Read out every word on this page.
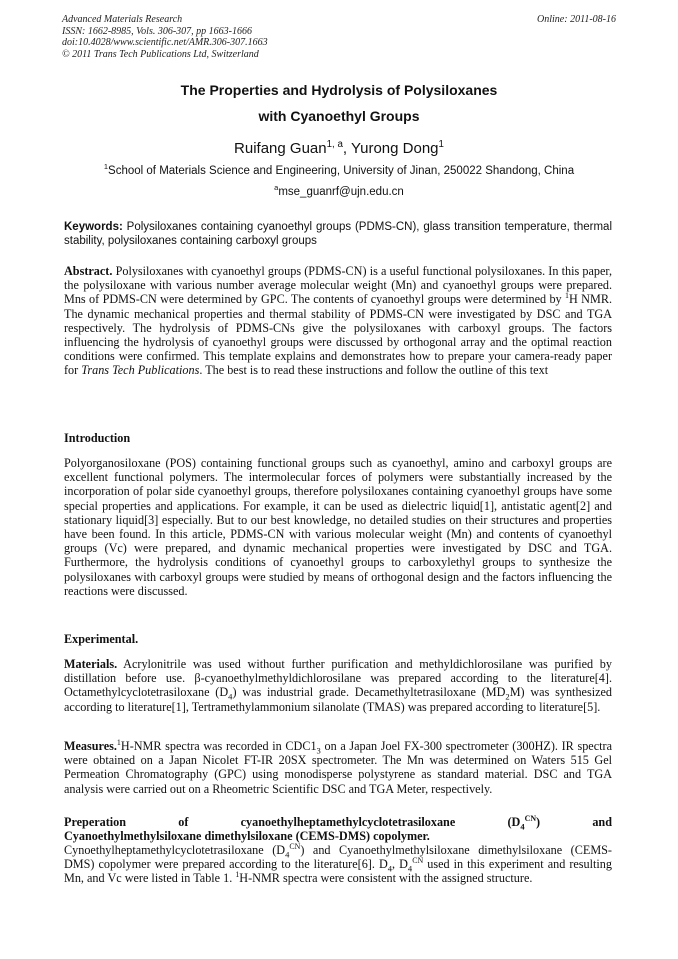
Advanced Materials Research
ISSN: 1662-8985, Vols. 306-307, pp 1663-1666
doi:10.4028/www.scientific.net/AMR.306-307.1663
© 2011 Trans Tech Publications Ltd, Switzerland
Online: 2011-08-16
The Properties and Hydrolysis of Polysiloxanes
with Cyanoethyl Groups
Ruifang Guan$^{1, a}$, Yurong Dong$^1$
$^1$School of Materials Science and Engineering, University of Jinan, 250022 Shandong, China
$^a$mse_guanrf@ujn.edu.cn
Keywords: Polysiloxanes containing cyanoethyl groups (PDMS-CN), glass transition temperature, thermal stability, polysiloxanes containing carboxyl groups
Abstract. Polysiloxanes with cyanoethyl groups (PDMS-CN) is a useful functional polysiloxanes. In this paper, the polysiloxane with various number average molecular weight (Mn) and cyanoethyl groups were prepared. Mns of PDMS-CN were determined by GPC. The contents of cyanoethyl groups were determined by $^1$H NMR. The dynamic mechanical properties and thermal stability of PDMS-CN were investigated by DSC and TGA respectively. The hydrolysis of PDMS-CNs give the polysiloxanes with carboxyl groups. The factors influencing the hydrolysis of cyanoethyl groups were discussed by orthogonal array and the optimal reaction conditions were confirmed. This template explains and demonstrates how to prepare your camera-ready paper for Trans Tech Publications. The best is to read these instructions and follow the outline of this text
Introduction
Polyorganosiloxane (POS) containing functional groups such as cyanoethyl, amino and carboxyl groups are excellent functional polymers. The intermolecular forces of polymers were substantially increased by the incorporation of polar side cyanoethyl groups, therefore polysiloxanes containing cyanoethyl groups have some special properties and applications. For example, it can be used as dielectric liquid[1], antistatic agent[2] and stationary liquid[3] especially. But to our best knowledge, no detailed studies on their structures and properties have been found. In this article, PDMS-CN with various molecular weight (Mn) and contents of cyanoethyl groups (Vc) were prepared, and dynamic mechanical properties were investigated by DSC and TGA. Furthermore, the hydrolysis conditions of cyanoethyl groups to carboxylethyl groups to synthesize the polysiloxanes with carboxyl groups were studied by means of orthogonal design and the factors influencing the reactions were discussed.
Experimental.
Materials. Acrylonitrile was used without further purification and methyldichlorosilane was purified by distillation before use. β-cyanoethylmethyldichlorosilane was prepared according to the literature[4]. Octamethylcyclotetrasiloxane $(D_4)$ was industrial grade. Decamethyltetrasiloxane $(MD_2M)$ was synthesized according to literature[1], Tertramethylammonium silanolate (TMAS) was prepared according to literature[5].
Measures.$^1$H-NMR spectra was recorded in $CDC1_3$ on a Japan Joel FX-300 spectrometer (300HZ). IR spectra were obtained on a Japan Nicolet FT-IR 20SX spectrometer. The Mn was determined on Waters 515 Gel Permeation Chromatography (GPC) using monodisperse polystyrene as standard material. DSC and TGA analysis were carried out on a Rheometric Scientific DSC and TGA Meter, respectively.
Preperation of cyanoethylheptamethylcyclotetrasiloxane $(D_4^{CN})$ and
Cyanoethylmethylsiloxane dimethylsiloxane (CEMS-DMS) copolymer.
Cynoethylheptamethylcyclotetrasiloxane $(D_4^{CN})$ and Cyanoethylmethylsiloxane dimethylsiloxane (CEMS-DMS) copolymer were prepared according to the literature[6]. $D_4$, $D_4^{CN}$ used in this experiment and resulting Mn, and Vc were listed in Table 1. $^1$H-NMR spectra were consistent with the assigned structure.
